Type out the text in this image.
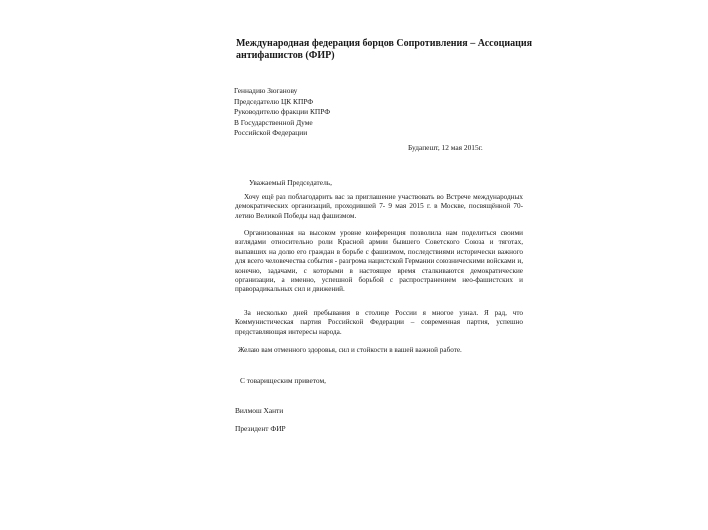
Международная федерация борцов Сопротивления – Ассоциация антифашистов (ФИР)
Геннадию Зюганову
Председателю ЦК КПРФ
Руководителю фракции КПРФ
В Государственной Думе
Российской Федерации
Будапешт, 12 мая 2015г.
Уважаемый Председатель,
Хочу ещё раз поблагодарить вас за приглашение участвовать во Встрече международных демократических организаций, проходившей 7- 9 мая 2015 г. в Москве, посвящённой 70-летию Великой Победы над фашизмом.
Организованная на высоком уровне конференция позволила нам поделиться своими взглядами относительно роли Красной армии бывшего Советского Союза и тяготах, выпавших на долю его граждан в борьбе с фашизмом, последствиями исторически важного для всего человечества события - разгрома нацистской Германии союзническими войсками и, конечно, задачами, с которыми в настоящее время сталкиваются демократические организации, а именно, успешной борьбой с распространением нео-фашистских и праворадикальных сил и движений.
За несколько дней пребывания в столице России я многое узнал. Я рад, что Коммунистическая партия Российской Федерации – современная партия, успешно представляющая интересы народа.
Желаю вам отменного здоровья, сил и стойкости в вашей важной работе.
С товарищеским приветом,
Вилмош Ханти
Президент ФИР
